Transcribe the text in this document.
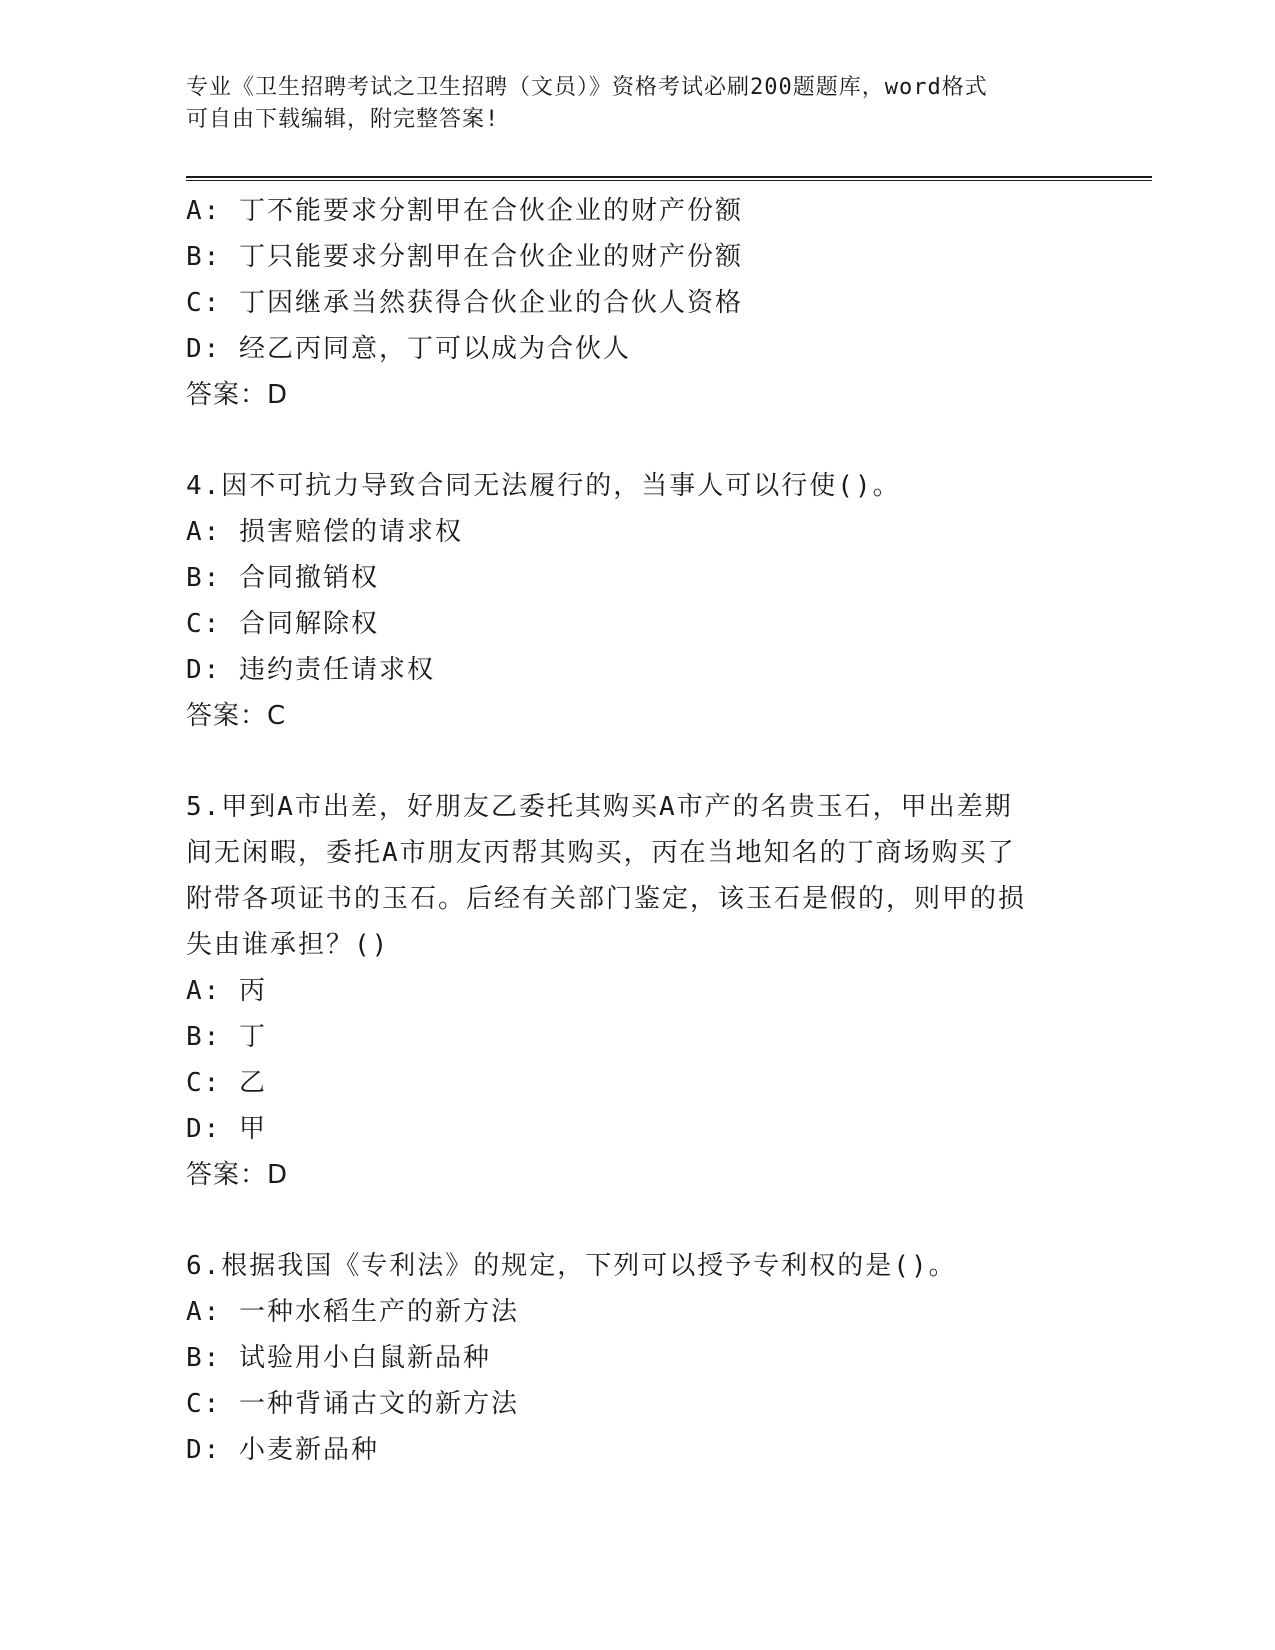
专业《卫生招聘考试之卫生招聘（文员）》资格考试必刷200题题库，word格式
可自由下载编辑，附完整答案!
A: 丁不能要求分割甲在合伙企业的财产份额
B: 丁只能要求分割甲在合伙企业的财产份额
C: 丁因继承当然获得合伙企业的合伙人资格
D: 经乙丙同意，丁可以成为合伙人
答案：D
4.因不可抗力导致合同无法履行的，当事人可以行使()。
A: 损害赔偿的请求权
B: 合同撤销权
C: 合同解除权
D: 违约责任请求权
答案：C
5.甲到A市出差，好朋友乙委托其购买A市产的名贵玉石，甲出差期
间无闲暇，委托A市朋友丙帮其购买，丙在当地知名的丁商场购买了
附带各项证书的玉石。后经有关部门鉴定，该玉石是假的，则甲的损
失由谁承担？()
A: 丙
B: 丁
C: 乙
D: 甲
答案：D
6.根据我国《专利法》的规定，下列可以授予专利权的是()。
A: 一种水稻生产的新方法
B: 试验用小白鼠新品种
C: 一种背诵古文的新方法
D: 小麦新品种
